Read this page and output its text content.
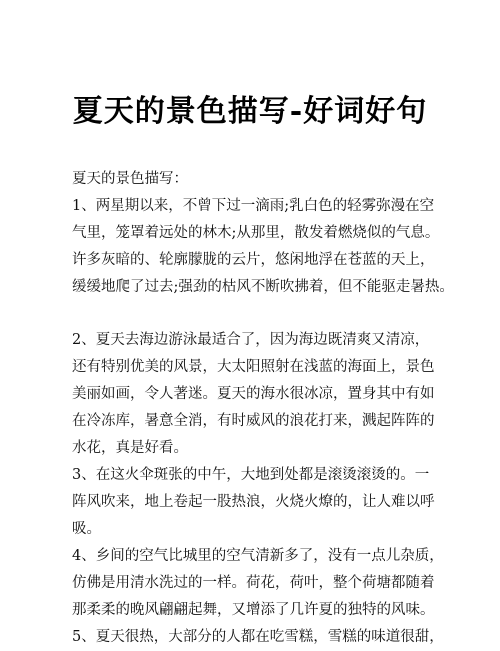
夏天的景色描写-好词好句
夏天的景色描写：
1、两星期以来，不曾下过一滴雨;乳白色的轻雾弥漫在空
气里，笼罩着远处的林木;从那里，散发着燃烧似的气息。
许多灰暗的、轮廓朦胧的云片，悠闲地浮在苍蓝的天上，
缓缓地爬了过去;强劲的枯风不断吹拂着，但不能驱走暑热。
2、夏天去海边游泳最适合了，因为海边既清爽又清凉，
还有特别优美的风景，大太阳照射在浅蓝的海面上，景色
美丽如画，令人著迷。夏天的海水很冰凉，置身其中有如
在冷冻库，暑意全消，有时威风的浪花打来，溅起阵阵的
水花，真是好看。
3、在这火伞斑张的中午，大地到处都是滚烫滚烫的。一
阵风吹来，地上卷起一股热浪，火烧火燎的，让人难以呼
吸。
4、乡间的空气比城里的空气清新多了，没有一点儿杂质，
仿佛是用清水洗过的一样。荷花，荷叶，整个荷塘都随着
那柔柔的晚风翩翩起舞，又增添了几许夏的独特的风味。
5、夏天很热，大部分的人都在吃雪糕，雪糕的味道很甜，
